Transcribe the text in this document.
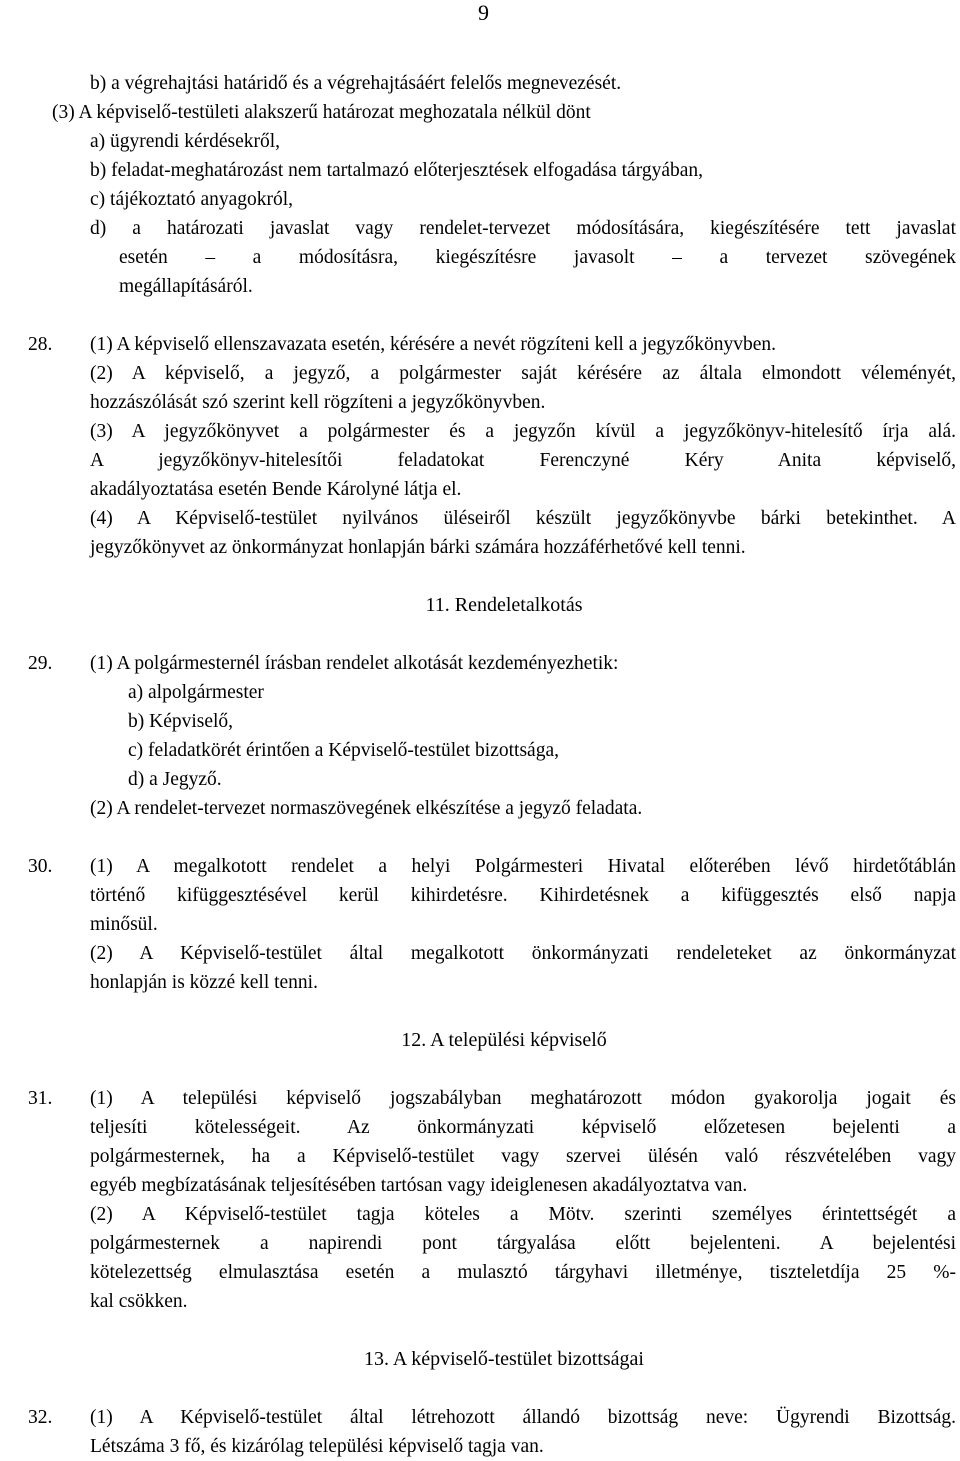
9
b) a végrehajtási határidő és a végrehajtásáért felelős megnevezését.
(3) A képviselő-testületi alakszerű határozat meghozatala nélkül dönt
a) ügyrendi kérdésekről,
b) feladat-meghatározást nem tartalmazó előterjesztések elfogadása tárgyában,
c) tájékoztató anyagokról,
d) a határozati javaslat vagy rendelet-tervezet módosítására, kiegészítésére tett javaslat
esetén – a módosításra, kiegészítésre javasolt – a tervezet szövegének
megállapításáról.
28. (1) A képviselő ellenszavazata esetén, kérésére a nevét rögzíteni kell a jegyzőkönyvben.
(2) A képviselő, a jegyző, a polgármester saját kérésére az általa elmondott véleményét,
hozzászólását szó szerint kell rögzíteni a jegyzőkönyvben.
(3) A jegyzőkönyvet a polgármester és a jegyzőn kívül a jegyzőkönyv-hitelesítő írja alá.
A jegyzőkönyv-hitelesítői feladatokat Ferenczyné Kéry Anita képviselő,
akadályoztatása esetén Bende Károlyné látja el.
(4) A Képviselő-testület nyilvános üléseiről készült jegyzőkönyvbe bárki betekinthet. A
jegyzőkönyvet az önkormányzat honlapján bárki számára hozzáférhetővé kell tenni.
11. Rendeletalkotás
29. (1) A polgármesternél írásban rendelet alkotását kezdeményezhetik:
a) alpolgármester
b) Képviselő,
c) feladatkörét érintően a Képviselő-testület bizottsága,
d) a Jegyző.
(2) A rendelet-tervezet normaszövegének elkészítése a jegyző feladata.
30. (1) A megalkotott rendelet a helyi Polgármesteri Hivatal előterében lévő hirdetőtáblán
történő kifüggesztésével kerül kihirdetésre. Kihirdetésnek a kifüggesztés első napja
minősül.
(2) A Képviselő-testület által megalkotott önkormányzati rendeleteket az önkormányzat
honlapján is közzé kell tenni.
12. A települési képviselő
31. (1) A települési képviselő jogszabályban meghatározott módon gyakorolja jogait és
teljesíti kötelességeit. Az önkormányzati képviselő előzetesen bejelenti a
polgármesternek, ha a Képviselő-testület vagy szervei ülésén való részvételében vagy
egyéb megbízatásának teljesítésében tartósan vagy ideiglenesen akadályoztatva van.
(2) A Képviselő-testület tagja köteles a Mötv. szerinti személyes érintettségét a
polgármesternek a napirendi pont tárgyalása előtt bejelenteni. A bejelentési
kötelezettség elmulasztása esetén a mulasztó tárgyhavi illetménye, tiszteletdíja 25 %-
kal csökken.
13. A képviselő-testület bizottságai
32. (1) A Képviselő-testület által létrehozott állandó bizottság neve: Ügyrendi Bizottság.
Létszáma 3 fő, és kizárólag települési képviselő tagja van.
